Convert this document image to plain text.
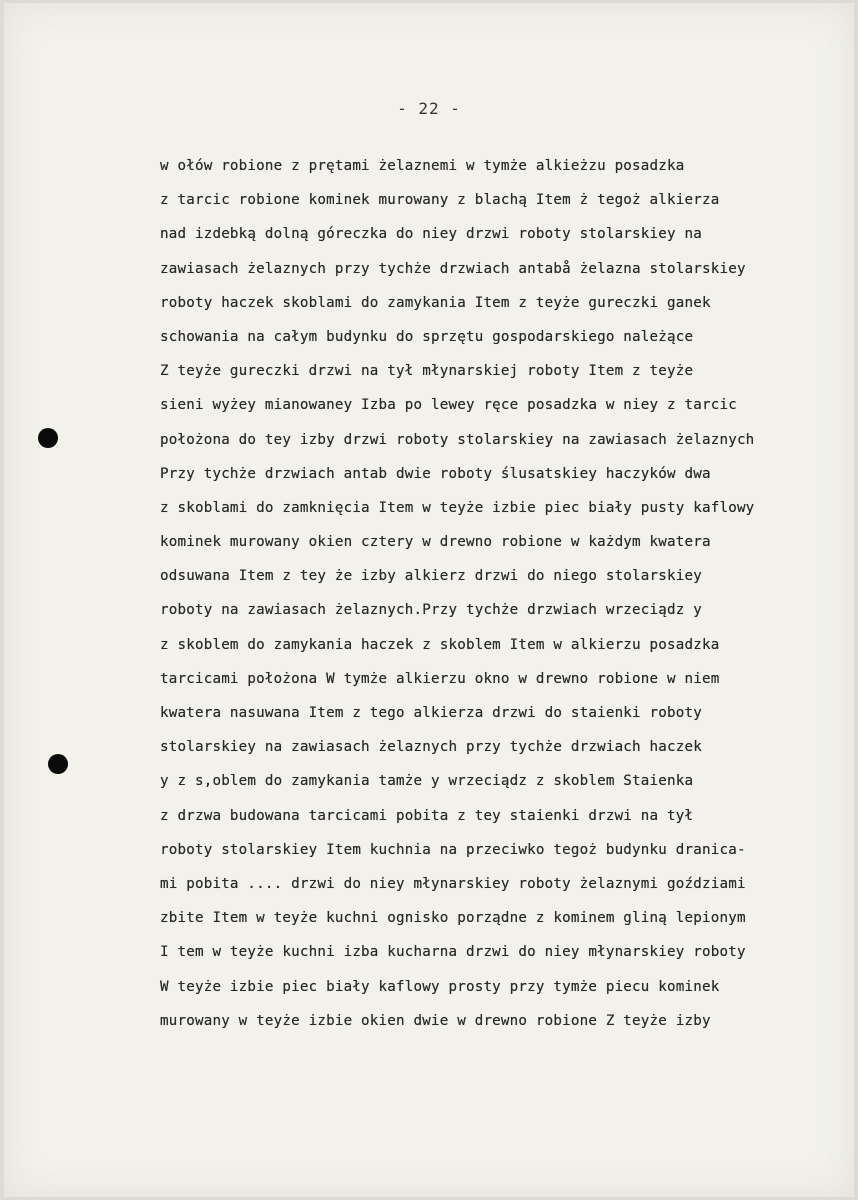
- 22 -
w ołów robione z prętami żelaznemi w tymże alkieżzu posadzka
z tarcic robione kominek murowany z blachą Item ż tegoż alkierza
nad izdebką dolną góreczka do niey drzwi roboty stolarskiey na
zawiasach żelaznych przy tychże drzwiach antabå żelazna stolarskiey
roboty haczek skoblami do zamykania Item z teyże gureczki ganek
schowania na całym budynku do sprzętu gospodarskiego należące
Z teyże gureczki drzwi na tył młynarskiej roboty Item z teyże
sieni wyżey mianowaney Izba po lewey ręce posadzka w niey z tarcic
położona do tey izby drzwi roboty stolarskiey na zawiasach żelaznych
Przy tychże drzwiach antab dwie roboty ślusatskiey haczyków dwa
z skoblami do zamknięcia Item w teyże izbie piec biały pusty kaflowy
kominek murowany okien cztery w drewno robione w każdym kwatera
odsuwana Item z tey że izby alkierz drzwi do niego stolarskiey
roboty na zawiasach żelaznych.Przy tychże drzwiach wrzeciądz y
z skoblem do zamykania haczek z skoblem Item w alkierzu posadzka
tarcicami położona W tymże alkierzu okno w drewno robione w niem
kwatera nasuwana Item z tego alkierza drzwi do staienki roboty
stolarskiey na zawiasach żelaznych przy tychże drzwiach haczek
y z s,oblem do zamykania tamże y wrzeciądz z skoblem Staienka
z drzwa budowana tarcicami pobita z tey staienki drzwi na tył
roboty stolarskiey Item kuchnia na przeciwko tegoż budynku dranica-
mi pobita .... drzwi do niey młynarskiey roboty żelaznymi goździami
zbite Item w teyże kuchni ognisko porządne z kominem gliną lepionym
I tem w teyże kuchni izba kucharna drzwi do niey młynarskiey roboty
W teyże izbie piec biały kaflowy prosty przy tymże piecu kominek
murowany w teyże izbie okien dwie w drewno robione Z teyże izby
